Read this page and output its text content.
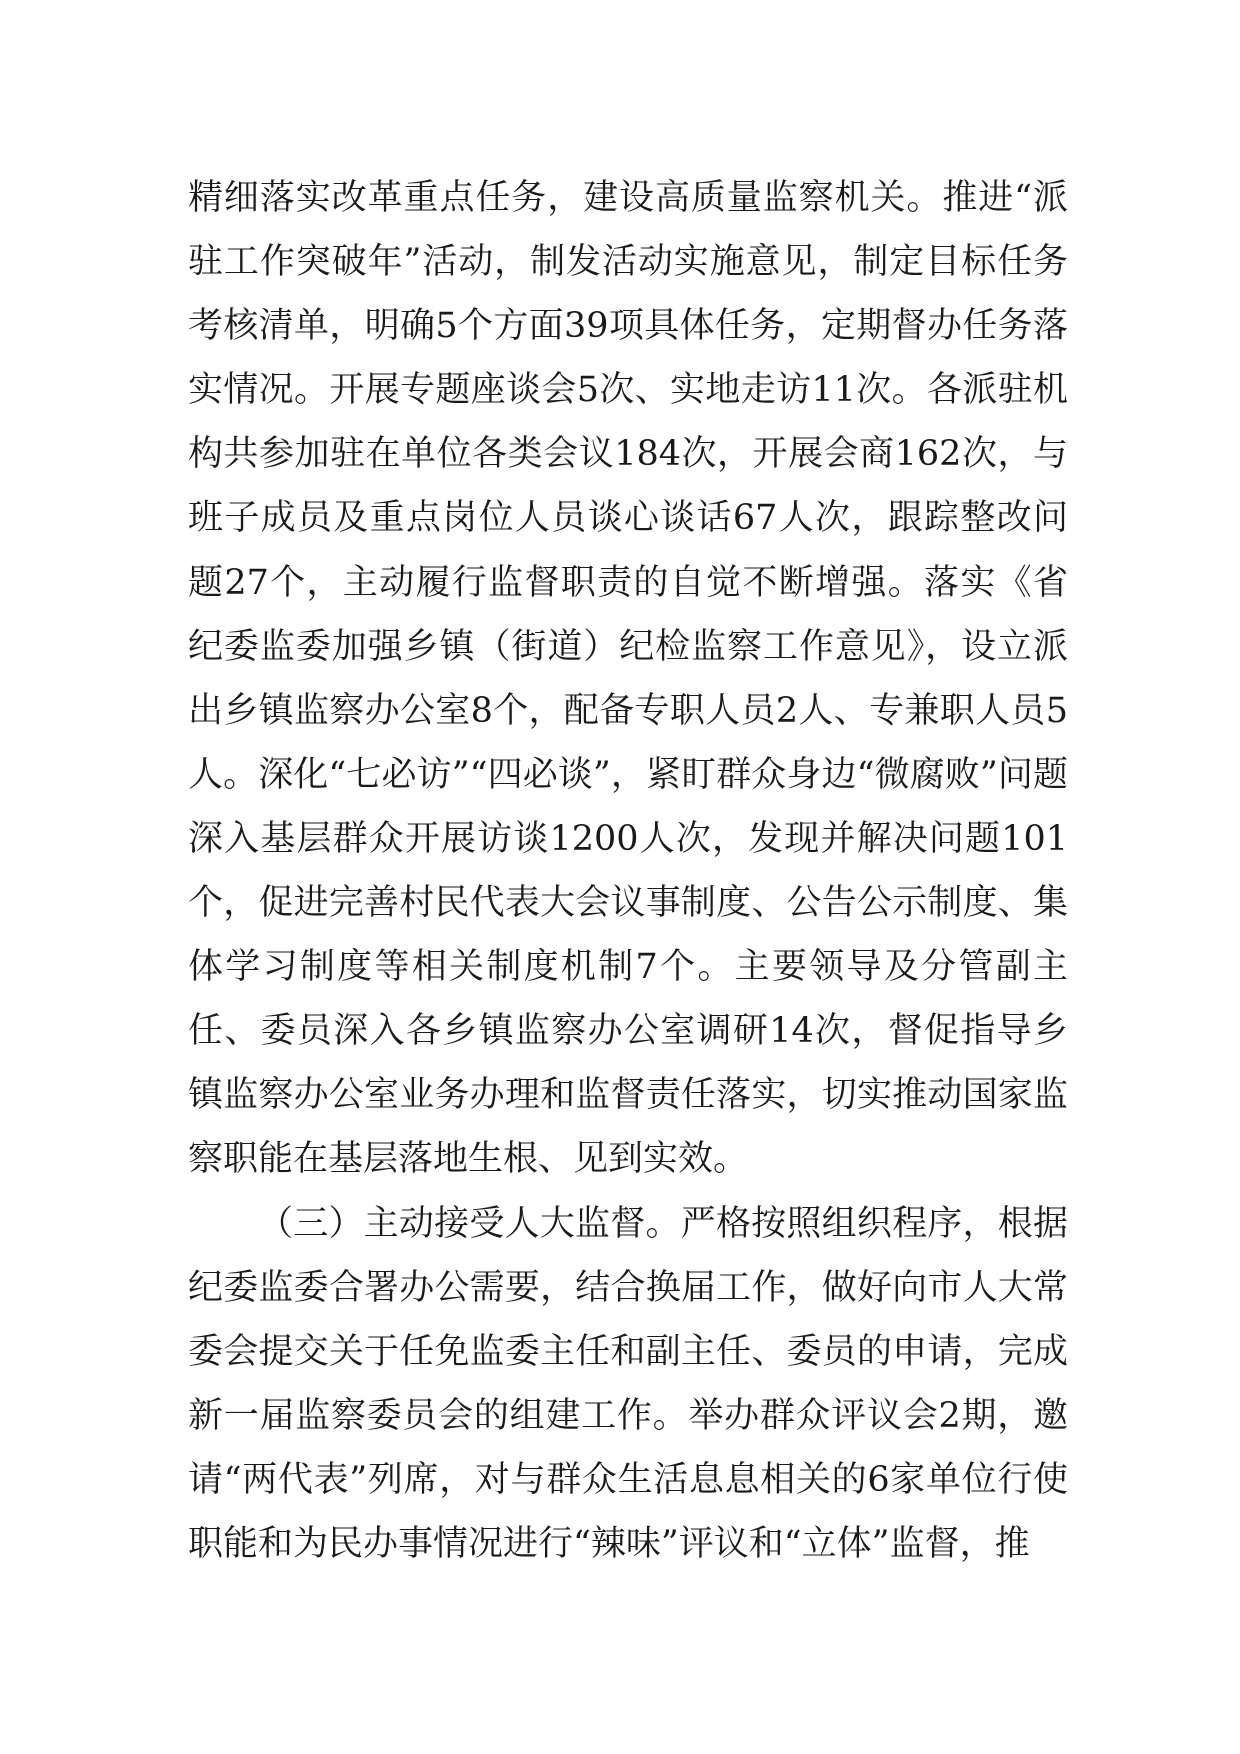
精细落实改革重点任务，建设高质量监察机关。推进“派驻工作突破年”活动，制发活动实施意见，制定目标任务考核清单，明确5个方面39项具体任务，定期督办任务落实情况。开展专题座谈会5次、实地走访11次。各派驻机构共参加驻在单位各类会议184次，开展会商162次，与班子成员及重点岗位人员谈心谈话67人次，跟踪整改问题27个，主动履行监督职责的自觉不断增强。落实《省纪委监委加强乡镇（街道）纪检监察工作意见》，设立派出乡镇监察办公室8个，配备专职人员2人、专兼职人员5人。深化“七必访”“四必谈”，紧盯群众身边“微腐败”问题深入基层群众开展访谈1200人次，发现并解决问题101个，促进完善村民代表大会议事制度、公告公示制度、集体学习制度等相关制度机制7个。主要领导及分管副主任、委员深入各乡镇监察办公室调研14次，督促指导乡镇监察办公室业务办理和监督责任落实，切实推动国家监察职能在基层落地生根、见到实效。

（三）主动接受人大监督。严格按照组织程序，根据纪委监委合署办公需要，结合换届工作，做好向市人大常委会提交关于任免监委主任和副主任、委员的申请，完成新一届监察委员会的组建工作。举办群众评议会2期，邀请“两代表”列席，对与群众生活息息相关的6家单位行使职能和为民办事情况进行“辣味”评议和“立体”监督，推
